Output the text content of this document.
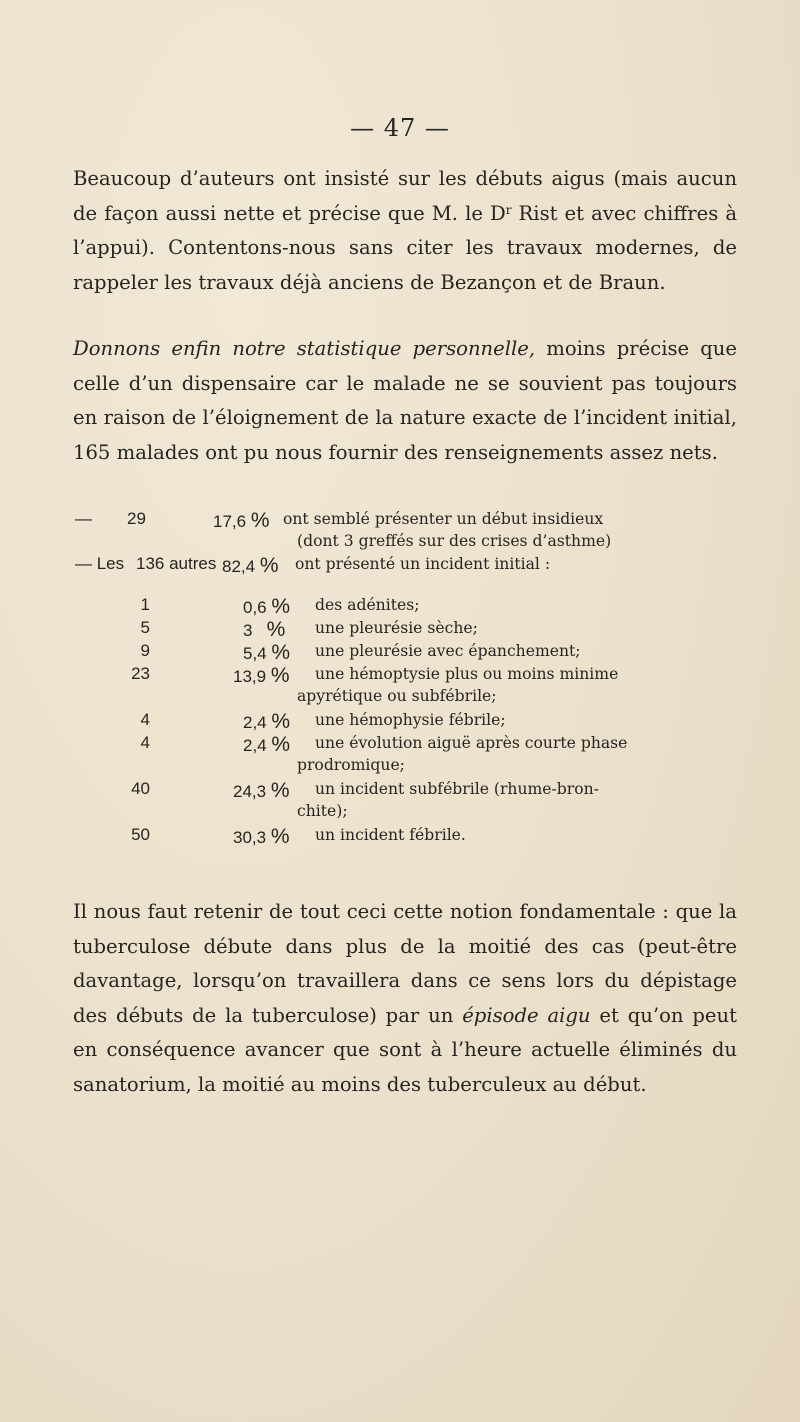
— 47 —

Beaucoup d’auteurs ont insisté sur les débuts aigus (mais aucun de façon aussi nette et précise que M. le $D^r$ Rist et avec chiffres à l’appui). Contentons-nous sans citer les travaux modernes, de rappeler les travaux déjà anciens de Bezançon et de Braun.

Donnons enfin notre statistique personnelle, moins précise que celle d’un dispensaire car le malade ne se souvient pas toujours en raison de l’éloignement de la nature exacte de l’incident initial, 165 malades ont pu nous fournir des renseignements assez nets.

— 29	17,6 % ont semblé présenter un début insidieux
(dont 3 greffés sur des crises d’asthme)
— Les 136 autres 82,4 % ont présenté un incident initial :
1	0,6 % des adénites;
5	3 % une pleurésie sèche;
9	5,4 % une pleurésie avec épanchement;
23	13,9 % une hémoptysie plus ou moins minime
apyrétique ou subfébrile;
4	2,4 % une hémophysie fébrile;
4	2,4 % une évolution aiguë après courte phase
prodromique;
40	24,3 % un incident subfébrile (rhume-bron-
chite);
50	30,3 % un incident fébrile.

Il nous faut retenir de tout ceci cette notion fondamentale : que la tuberculose débute dans plus de la moitié des cas (peut-être davantage, lorsqu’on travaillera dans ce sens lors du dépistage des débuts de la tuberculose) par un épisode aigu et qu’on peut en conséquence avancer que sont à l’heure actuelle éliminés du sanatorium, la moitié au moins des tuberculeux au début.
